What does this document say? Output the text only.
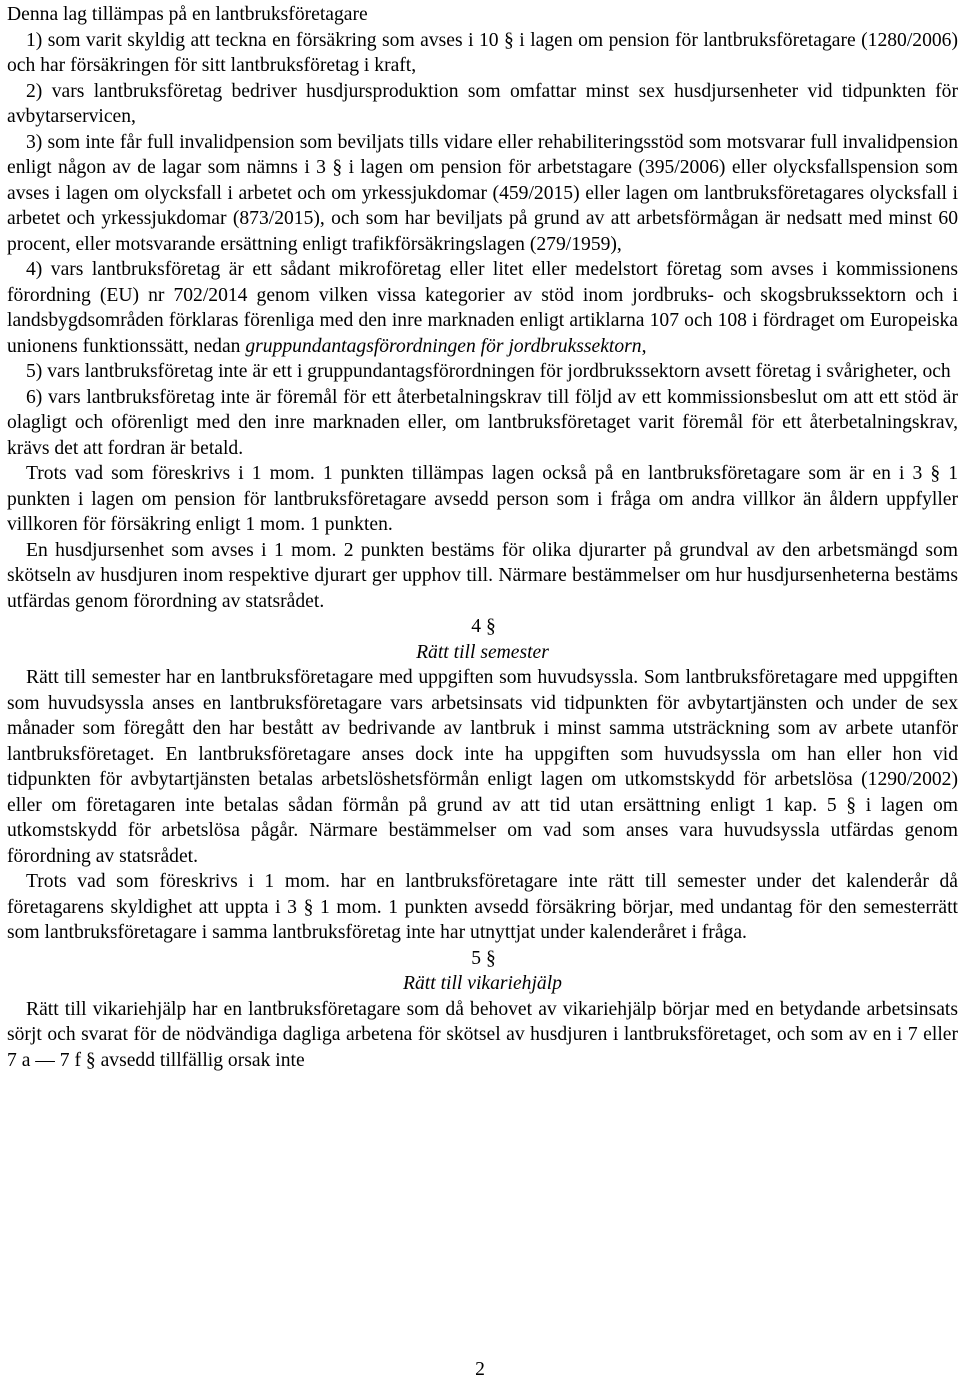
Denna lag tillämpas på en lantbruksföretagare

1) som varit skyldig att teckna en försäkring som avses i 10 § i lagen om pension för lantbruksföretagare (1280/2006) och har försäkringen för sitt lantbruksföretag i kraft,

2) vars lantbruksföretag bedriver husdjursproduktion som omfattar minst sex husdjursenheter vid tidpunkten för avbytarservicen,

3) som inte får full invalidpension som beviljats tills vidare eller rehabiliteringsstöd som motsvarar full invalidpension enligt någon av de lagar som nämns i 3 § i lagen om pension för arbetstagare (395/2006) eller olycksfallspension som avses i lagen om olycksfall i arbetet och om yrkessjukdomar (459/2015) eller lagen om lantbruksföretagares olycksfall i arbetet och yrkessjukdomar (873/2015), och som har beviljats på grund av att arbetsförmågan är nedsatt med minst 60 procent, eller motsvarande ersättning enligt trafikförsäkringslagen (279/1959),

4) vars lantbruksföretag är ett sådant mikroföretag eller litet eller medelstort företag som avses i kommissionens förordning (EU) nr 702/2014 genom vilken vissa kategorier av stöd inom jordbruks- och skogsbrukssektorn och i landsbygdsområden förklaras förenliga med den inre marknaden enligt artiklarna 107 och 108 i fördraget om Europeiska unionens funktionssätt, nedan gruppundantagsförordningen för jordbrukssektorn,

5) vars lantbruksföretag inte är ett i gruppundantagsförordningen för jordbrukssektorn avsett företag i svårigheter, och

6) vars lantbruksföretag inte är föremål för ett återbetalningskrav till följd av ett kommissionsbeslut om att ett stöd är olagligt och oförenligt med den inre marknaden eller, om lantbruksföretaget varit föremål för ett återbetalningskrav, krävs det att fordran är betald.

Trots vad som föreskrivs i 1 mom. 1 punkten tillämpas lagen också på en lantbruksföretagare som är en i 3 § 1 punkten i lagen om pension för lantbruksföretagare avsedd person som i fråga om andra villkor än åldern uppfyller villkoren för försäkring enligt 1 mom. 1 punkten.

En husdjursenhet som avses i 1 mom. 2 punkten bestäms för olika djurarter på grundval av den arbetsmängd som skötseln av husdjuren inom respektive djurart ger upphov till. Närmare bestämmelser om hur husdjursenheterna bestäms utfärdas genom förordning av statsrådet.

4 §

Rätt till semester

Rätt till semester har en lantbruksföretagare med uppgiften som huvudsyssla. Som lantbruksföretagare med uppgiften som huvudsyssla anses en lantbruksföretagare vars arbetsinsats vid tidpunkten för avbytartjänsten och under de sex månader som föregått den har bestått av bedrivande av lantbruk i minst samma utsträckning som av arbete utanför lantbruksföretaget. En lantbruksföretagare anses dock inte ha uppgiften som huvudsyssla om han eller hon vid tidpunkten för avbytartjänsten betalas arbetslöshetsförmån enligt lagen om utkomstskydd för arbetslösa (1290/2002) eller om företagaren inte betalas sådan förmån på grund av att tid utan ersättning enligt 1 kap. 5 § i lagen om utkomstskydd för arbetslösa pågår. Närmare bestämmelser om vad som anses vara huvudsyssla utfärdas genom förordning av statsrådet.

Trots vad som föreskrivs i 1 mom. har en lantbruksföretagare inte rätt till semester under det kalenderår då företagarens skyldighet att uppta i 3 § 1 mom. 1 punkten avsedd försäkring börjar, med undantag för den semesterrätt som lantbruksföretagare i samma lantbruksföretag inte har utnyttjat under kalenderåret i fråga.

5 §

Rätt till vikariehjälp

Rätt till vikariehjälp har en lantbruksföretagare som då behovet av vikariehjälp börjar med en betydande arbetsinsats sörjt och svarat för de nödvändiga dagliga arbetena för skötsel av husdjuren i lantbruksföretaget, och som av en i 7 eller 7 a — 7 f § avsedd tillfällig orsak inte

2
